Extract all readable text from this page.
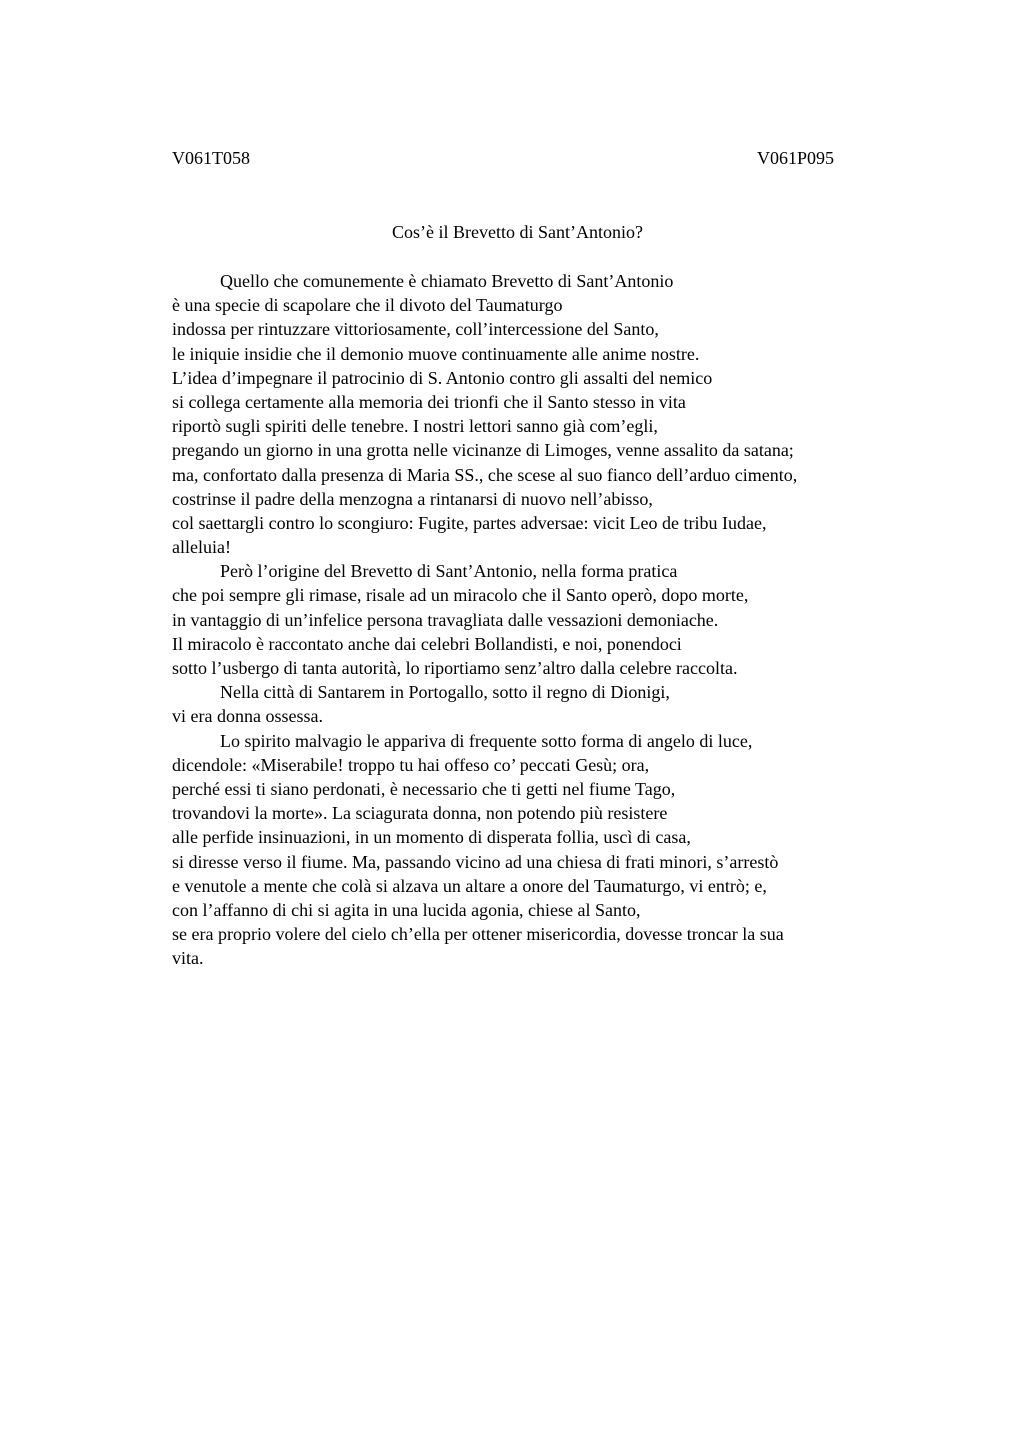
V061T058	V061P095
Cos’è il Brevetto di Sant’Antonio?
Quello che comunemente è chiamato Brevetto di Sant’Antonio
è una specie di scapolare che il divoto del Taumaturgo
indossa per rintuzzare vittoriosamente, coll’intercessione del Santo,
le iniquie insidie che il demonio muove continuamente alle anime nostre.
L’idea d’impegnare il patrocinio di S. Antonio contro gli assalti del nemico
si collega certamente alla memoria dei trionfi che il Santo stesso in vita
riportò sugli spiriti delle tenebre. I nostri lettori sanno già com’egli,
pregando un giorno in una grotta nelle vicinanze di Limoges, venne assalito da satana;
ma, confortato dalla presenza di Maria SS., che scese al suo fianco dell’arduo cimento,
costrinse il padre della menzogna a rintanarsi di nuovo nell’abisso,
col saettargli contro lo scongiuro: Fugite, partes adversae: vicit Leo de tribu Iudae,
alleluia!
Però l’origine del Brevetto di Sant’Antonio, nella forma pratica
che poi sempre gli rimase, risale ad un miracolo che il Santo operò, dopo morte,
in vantaggio di un’infelice persona travagliata dalle vessazioni demoniache.
Il miracolo è raccontato anche dai celebri Bollandisti, e noi, ponendoci
sotto l’usbergo di tanta autorità, lo riportiamo senz’altro dalla celebre raccolta.
Nella città di Santarem in Portogallo, sotto il regno di Dionigi,
vi era donna ossessa.
Lo spirito malvagio le appariva di frequente sotto forma di angelo di luce,
dicendole: «Miserabile! troppo tu hai offeso co’ peccati Gesù; ora,
perché essi ti siano perdonati, è necessario che ti getti nel fiume Tago,
trovandovi la morte». La sciagurata donna, non potendo più resistere
alle perfide insinuazioni, in un momento di disperata follia, uscì di casa,
si diresse verso il fiume. Ma, passando vicino ad una chiesa di frati minori, s’arrestò
e venutole a mente che colà si alzava un altare a onore del Taumaturgo, vi entrò; e,
con l’affanno di chi si agita in una lucida agonia, chiese al Santo,
se era proprio volere del cielo ch’ella per ottener misericordia, dovesse troncar la sua
vita.
